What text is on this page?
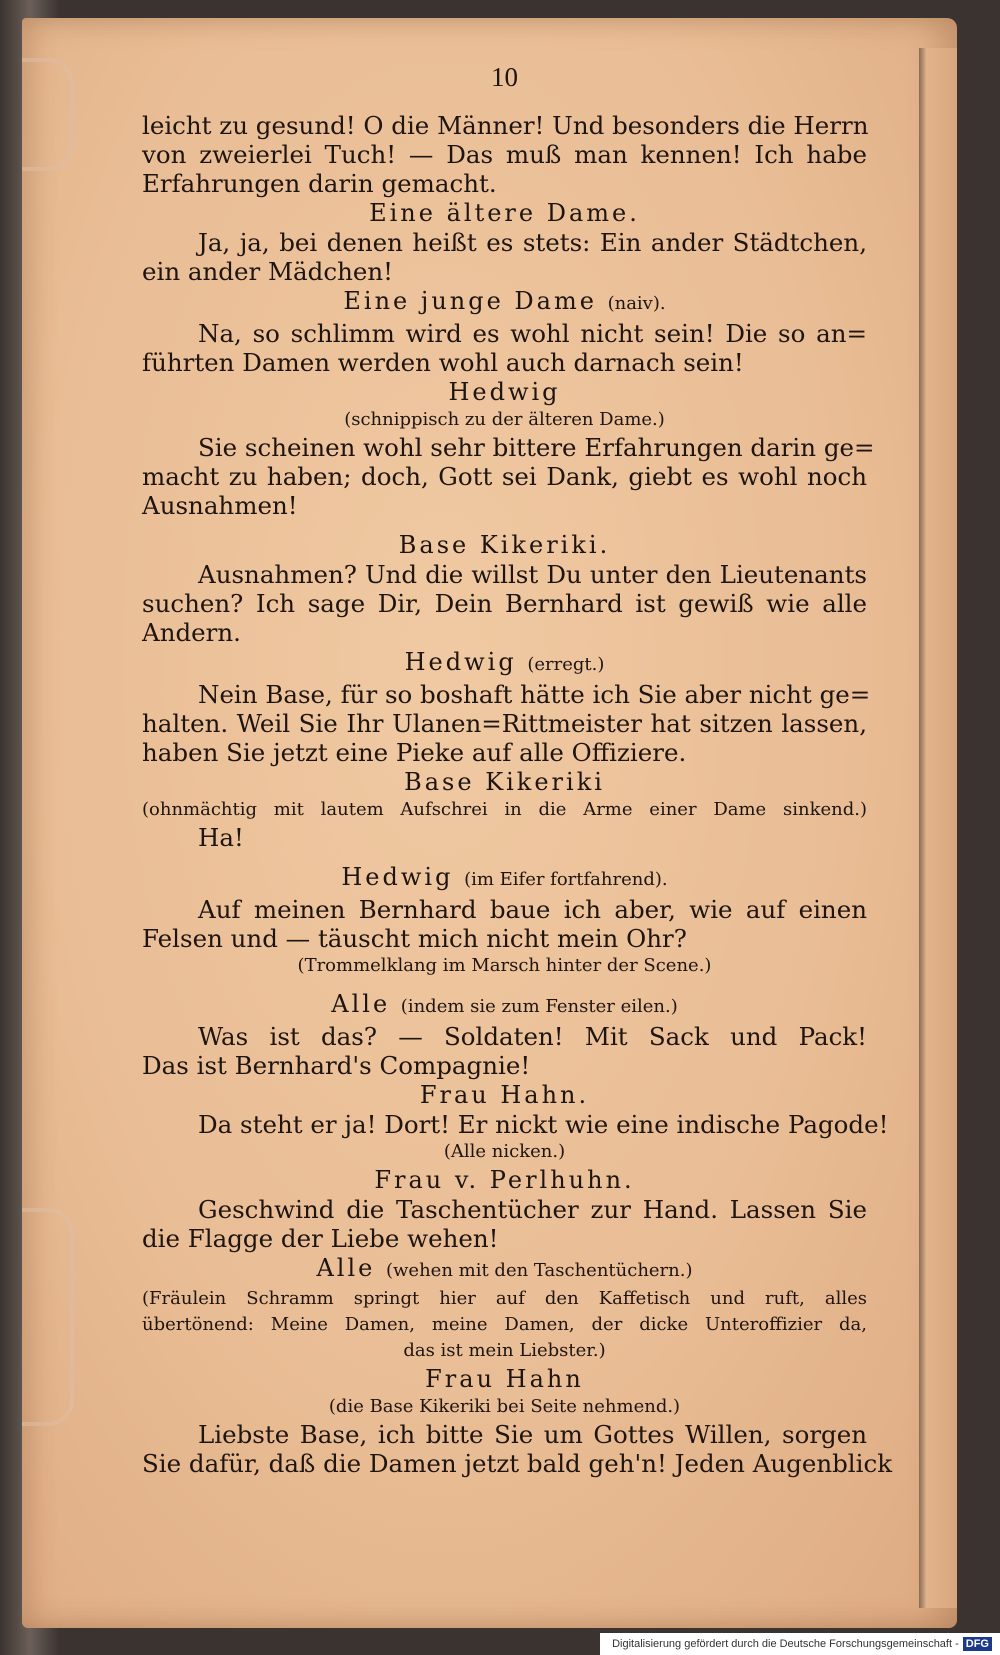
10

leicht zu gesund! O die Männer! Und besonders die Herrn

von zweierlei Tuch! — Das muß man kennen! Ich habe

Erfahrungen darin gemacht.

Eine ältere Dame.

Ja, ja, bei denen heißt es stets: Ein ander Städtchen,

ein ander Mädchen!

Eine junge Dame (naiv).

Na, so schlimm wird es wohl nicht sein! Die so an=

führten Damen werden wohl auch darnach sein!

Hedwig

(schnippisch zu der älteren Dame.)

Sie scheinen wohl sehr bittere Erfahrungen darin ge=

macht zu haben; doch, Gott sei Dank, giebt es wohl noch

Ausnahmen!

Base Kikeriki.

Ausnahmen? Und die willst Du unter den Lieutenants

suchen? Ich sage Dir, Dein Bernhard ist gewiß wie alle

Andern.

Hedwig (erregt.)

Nein Base, für so boshaft hätte ich Sie aber nicht ge=

halten. Weil Sie Ihr Ulanen=Rittmeister hat sitzen lassen,

haben Sie jetzt eine Pieke auf alle Offiziere.

Base Kikeriki

(ohnmächtig mit lautem Aufschrei in die Arme einer Dame sinkend.)

Ha!

Hedwig (im Eifer fortfahrend).

Auf meinen Bernhard baue ich aber, wie auf einen

Felsen und — täuscht mich nicht mein Ohr?

(Trommelklang im Marsch hinter der Scene.)

Alle (indem sie zum Fenster eilen.)

Was ist das? — Soldaten! Mit Sack und Pack!

Das ist Bernhard's Compagnie!

Frau Hahn.

Da steht er ja! Dort! Er nickt wie eine indische Pagode!

(Alle nicken.)

Frau v. Perlhuhn.

Geschwind die Taschentücher zur Hand. Lassen Sie

die Flagge der Liebe wehen!

Alle (wehen mit den Taschentüchern.)

(Fräulein Schramm springt hier auf den Kaffetisch und ruft, alles

übertönend: Meine Damen, meine Damen, der dicke Unteroffizier da,

das ist mein Liebster.)

Frau Hahn

(die Base Kikeriki bei Seite nehmend.)

Liebste Base, ich bitte Sie um Gottes Willen, sorgen

Sie dafür, daß die Damen jetzt bald geh'n! Jeden Augenblick

Digitalisierung gefördert durch die Deutsche Forschungsgemeinschaft - DFG
